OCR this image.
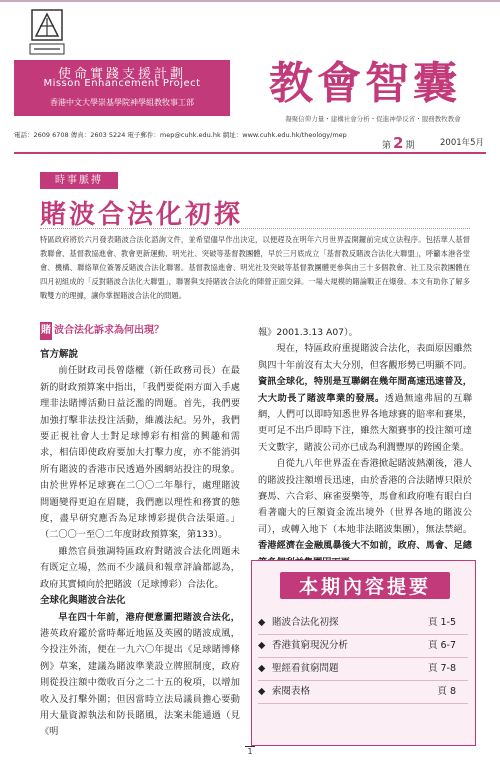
使命實踐支援計劃
Misson Enhancement Project
香港中文大學崇基學院神學組教牧事工部	教會智囊
凝聚信仰力量・建構社會分析・促進神學反省・服務教牧教會
電話：2609 6708 傳真：2603 5224 電子郵件：mep@cuhk.edu.hk 網址：www.cuhk.edu.hk/theology/mep
第 2 期	2001年5月
時事脈搏
賭波合法化初探
特區政府將於六月發表賭波合法化諮詢文件，並希望儘早作出決定，以便趕及在明年六月世界盃開鑼前完成立法程序。包括華人基督教聯會、基督教協進會、教會更新運動、明光社、突破等基督教團體，早於三月底成立「基督教反賭波合法化大聯盟」，呼籲本港各堂會、機構、聯絡單位簽署反賭波合法化聯署。基督教協進會、明光社及突破等基督教團體更參與由三十多個教會、社工及宗教團體在四月初組成的「反對賭波合法化大聯盟」，聯署與支持賭波合法化的陣營正面交鋒。一場大規模的賭論戰正在爆發。本文有助你了解多戰雙方的理據，讓你掌握賭波合法化的問題。
賭 波合法化訴求為何出現？
官方解說

前任財政司長曾蔭權（新任政務司長）在最新的財政預算案中指出，「我們要從兩方面入手處理非法賭博活動日益泛濫的問題。首先，我們要加強打擊非法投注活動，維護法紀。另外，我們要正視社會人士對足球博彩有相當的興趣和需求，相信即使政府要加大打擊力度，亦不能消弭所有賭波的香港市民透過外國網站投注的現象。由於世界杯足球賽在二〇〇二年舉行，處理賭波問題變得更迫在眉睫，我們應以理性和務實的態度，盡早研究應否為足球博彩提供合法渠道。」（二〇〇一至〇二年度財政預算案，第133）。

雖然官員強調特區政府對賭波合法化問題未有既定立場，然而不少議員和報章評論都認為，政府其實傾向於把賭波（足球博彩）合法化。

全球化與賭波合法化

早在四十年前，港府便意圖把賭波合法化，港英政府鑑於當時鄰近地區及英國的賭波成風，今投注外流，便在一九六〇年提出《足球賭博條例》草案，建議為賭波準業設立牌照制度，政府則從投注額中徵收百分之二十五的稅項，以增加收入及打擊外圍；但因當時立法局議員擔心要動用大量資源執法和防長賭風，法案未能通過（見《明

報》2001.3.13 A07）。

現在，特區政府重提賭波合法化，表面原因雖然與四十年前沒有太大分別，但客觀形勢已明顯不同。資訊全球化，特別是互聯網在幾年間高速迅速普及，大大助長了賭波準業的發展。透過無遠弗屆的互聯網，人們可以即時知悉世界各地球賽的賠率和賽果，更可足不出戶即時下注，雖然大額賽事的投注額可達天文數字，賭波公司亦已成為利潤豐厚的跨國企業。

自從九八年世界盃在香港掀起賭波熱潮後，港人的賭波投注額增長迅速，由於香港的合法賭博只限於賽馬、六合彩、麻雀耍樂等，馬會和政府唯有眼白白看著龐大的巨額資金流出境外（世界各地的賭波公司），或轉入地下（本地非法賭波集團），無法禁絕。香港經濟在金融風暴後大不如前，政府、馬會、足總

本期內容提要
◆ 賭波合法化初探	頁 1-5
◆ 香港貧窮現況分析	頁 6-7
◆ 聖經看貧窮問題	頁 7-8
◆ 索閱表格	頁 8
1
